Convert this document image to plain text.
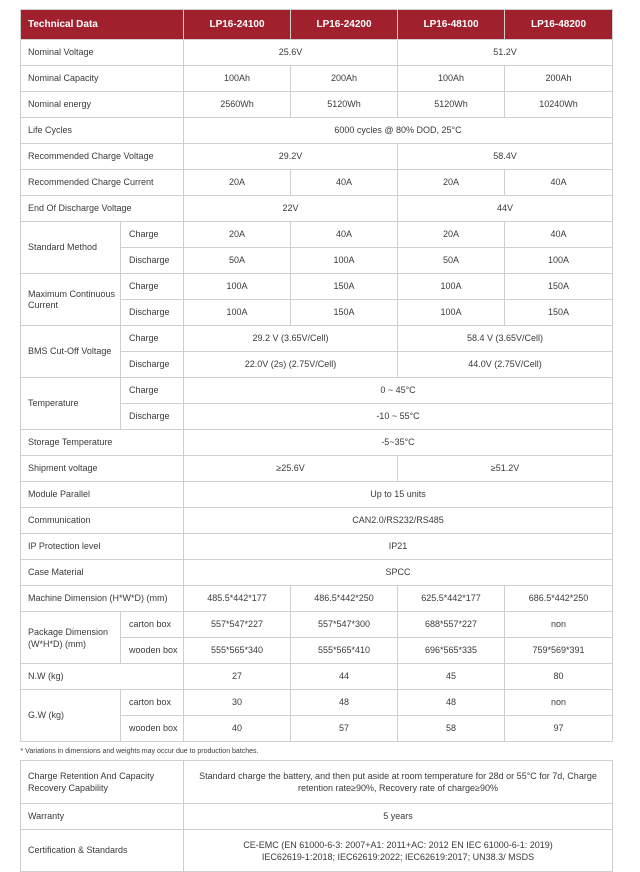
Technical Data		LP16-24100	LP16-24200	LP16-48100	LP16-48200
Nominal Voltage		25.6V		51.2V	
Nominal Capacity		100Ah	200Ah	100Ah	200Ah
Nominal energy		2560Wh	5120Wh	5120Wh	10240Wh
Life Cycles		6000 cycles @ 80% DOD, 25°C			
Recommended Charge Voltage		29.2V		58.4V	
Recommended Charge Current		20A	40A	20A	40A
End Of Discharge Voltage		22V		44V	
Standard Method	Charge	20A	40A	20A	40A
	Discharge	50A	100A	50A	100A
Maximum Continuous Current	Charge	100A	150A	100A	150A
	Discharge	100A	150A	100A	150A
BMS Cut-Off Voltage	Charge	29.2 V (3.65V/Cell)		58.4 V (3.65V/Cell)	
	Discharge	22.0V (2s) (2.75V/Cell)		44.0V (2.75V/Cell)	
Temperature	Charge	0 ~ 45°C			
	Discharge	-10 ~ 55°C			
Storage Temperature		-5~35°C			
Shipment voltage		≥25.6V		≥51.2V	
Module Parallel		Up to 15 units			
Communication		CAN2.0/RS232/RS485			
IP Protection level		IP21			
Case Material		SPCC			
Machine Dimension (H*W*D) (mm)		485.5*442*177	486.5*442*250	625.5*442*177	686.5*442*250
Package Dimension (W*H*D) (mm)	carton box	557*547*227	557*547*300	688*557*227	non
	wooden box	555*565*340	555*565*410	696*565*335	759*569*391
N.W (kg)		27	44	45	80
G.W (kg)	carton box	30	48	48	non
	wooden box	40	57	58	97
* Variations in dimensions and weights may occur due to production batches.					
Charge Retention And Capacity Recovery Capability		Standard charge the battery, and then put aside at room temperature for 28d or 55°C for 7d, Charge retention rate≥90%, Recovery rate of charge≥90%			
Warranty		5 years			
Certification & Standards		CE-EMC (EN 61000-6-3: 2007+A1: 2011+AC: 2012 EN IEC 61000-6-1: 2019)
IEC62619-1:2018; IEC62619:2022; IEC62619:2017; UN38.3/ MSDS			
